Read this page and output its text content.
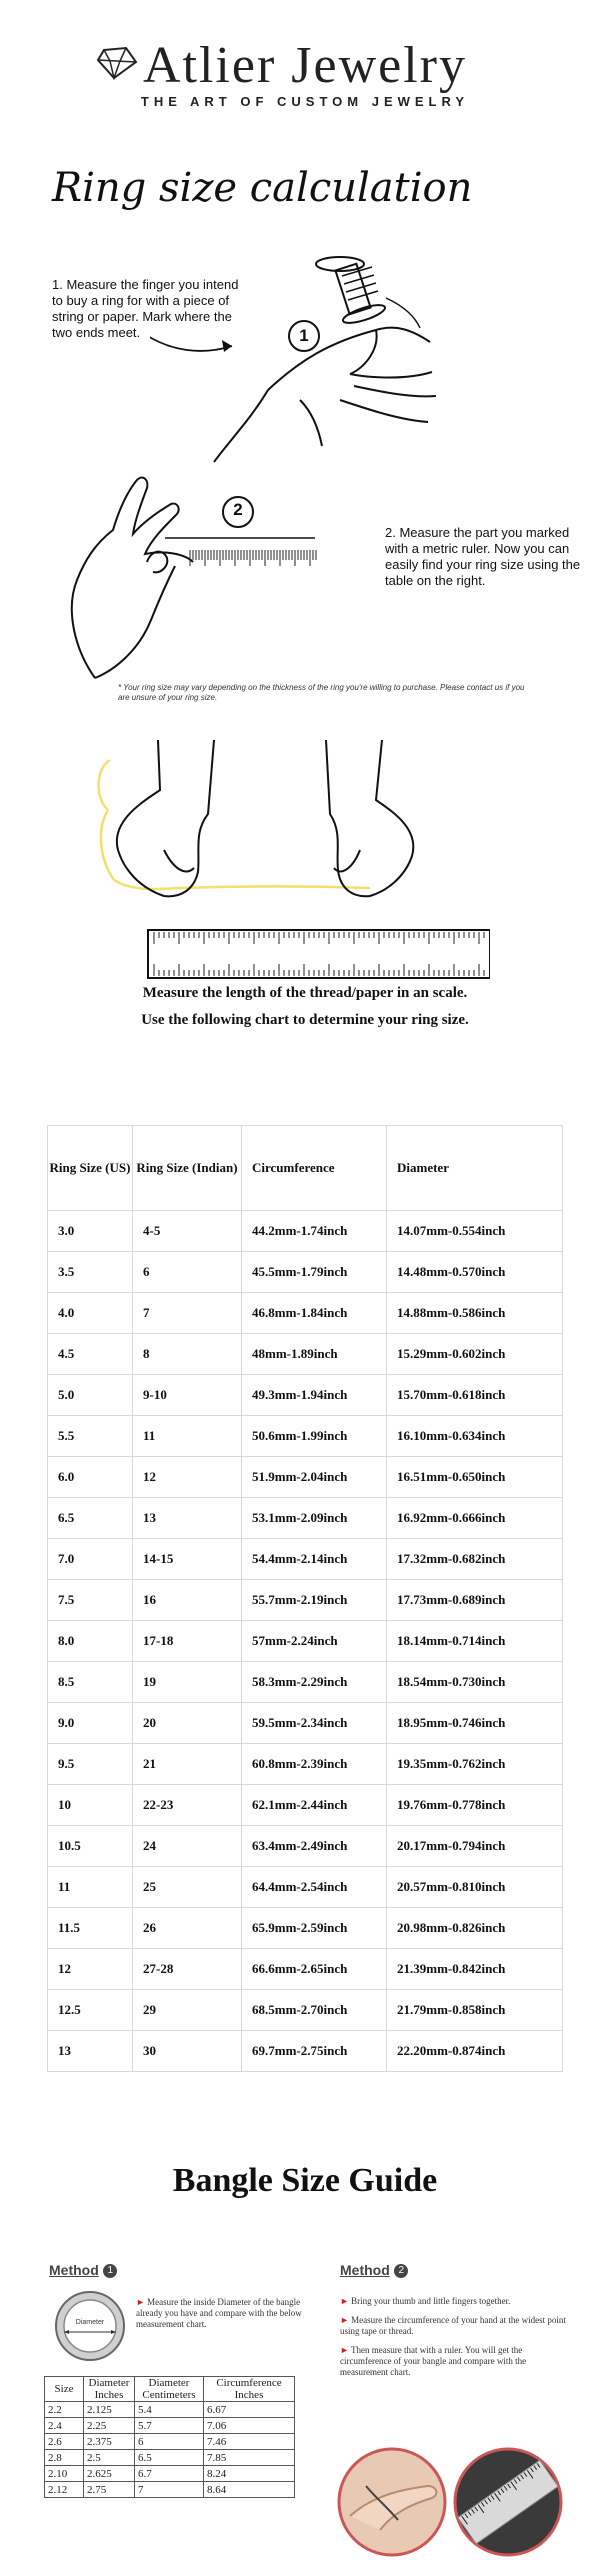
Atlier Jewelry
THE ART OF CUSTOM JEWELRY
Ring size calculation
1. Measure the finger you intend to buy a ring for with a piece of string or paper. Mark where the two ends meet.	1
2
2. Measure the part you marked with a metric ruler. Now you can easily find your ring size using the table on the right.
* Your ring size may vary depending on the thickness of the ring you're willing to purchase. Please contact us if you are unsure of your ring size.
Measure the length of the thread/paper in an scale.
Use the following chart to determine your ring size.
Ring Size (US)	Ring Size (Indian)	Circumference	Diameter
3.0	4-5	44.2mm-1.74inch	14.07mm-0.554inch
3.5	6	45.5mm-1.79inch	14.48mm-0.570inch
4.0	7	46.8mm-1.84inch	14.88mm-0.586inch
4.5	8	48mm-1.89inch	15.29mm-0.602inch
5.0	9-10	49.3mm-1.94inch	15.70mm-0.618inch
5.5	11	50.6mm-1.99inch	16.10mm-0.634inch
6.0	12	51.9mm-2.04inch	16.51mm-0.650inch
6.5	13	53.1mm-2.09inch	16.92mm-0.666inch
7.0	14-15	54.4mm-2.14inch	17.32mm-0.682inch
7.5	16	55.7mm-2.19inch	17.73mm-0.689inch
8.0	17-18	57mm-2.24inch	18.14mm-0.714inch
8.5	19	58.3mm-2.29inch	18.54mm-0.730inch
9.0	20	59.5mm-2.34inch	18.95mm-0.746inch
9.5	21	60.8mm-2.39inch	19.35mm-0.762inch
10	22-23	62.1mm-2.44inch	19.76mm-0.778inch
10.5	24	63.4mm-2.49inch	20.17mm-0.794inch
11	25	64.4mm-2.54inch	20.57mm-0.810inch
11.5	26	65.9mm-2.59inch	20.98mm-0.826inch
12	27-28	66.6mm-2.65inch	21.39mm-0.842inch
12.5	29	68.5mm-2.70inch	21.79mm-0.858inch
13	30	69.7mm-2.75inch	22.20mm-0.874inch
Bangle Size Guide
Method 1
Diameter
► Measure the inside Diameter of the bangle already you have and compare with the below measurement chart.
Size	Diameter Inches	Diameter Centimeters	Circumference Inches
2.2	2.125	5.4	6.67
2.4	2.25	5.7	7.06
2.6	2.375	6	7.46
2.8	2.5	6.5	7.85
2.10	2.625	6.7	8.24
2.12	2.75	7	8.64
Method 2
► Bring your thumb and little fingers together.
► Measure the circumference of your hand at the widest point using tape or thread.
► Then measure that with a ruler. You will get the circumference of your bangle and compare with the measurement chart.
